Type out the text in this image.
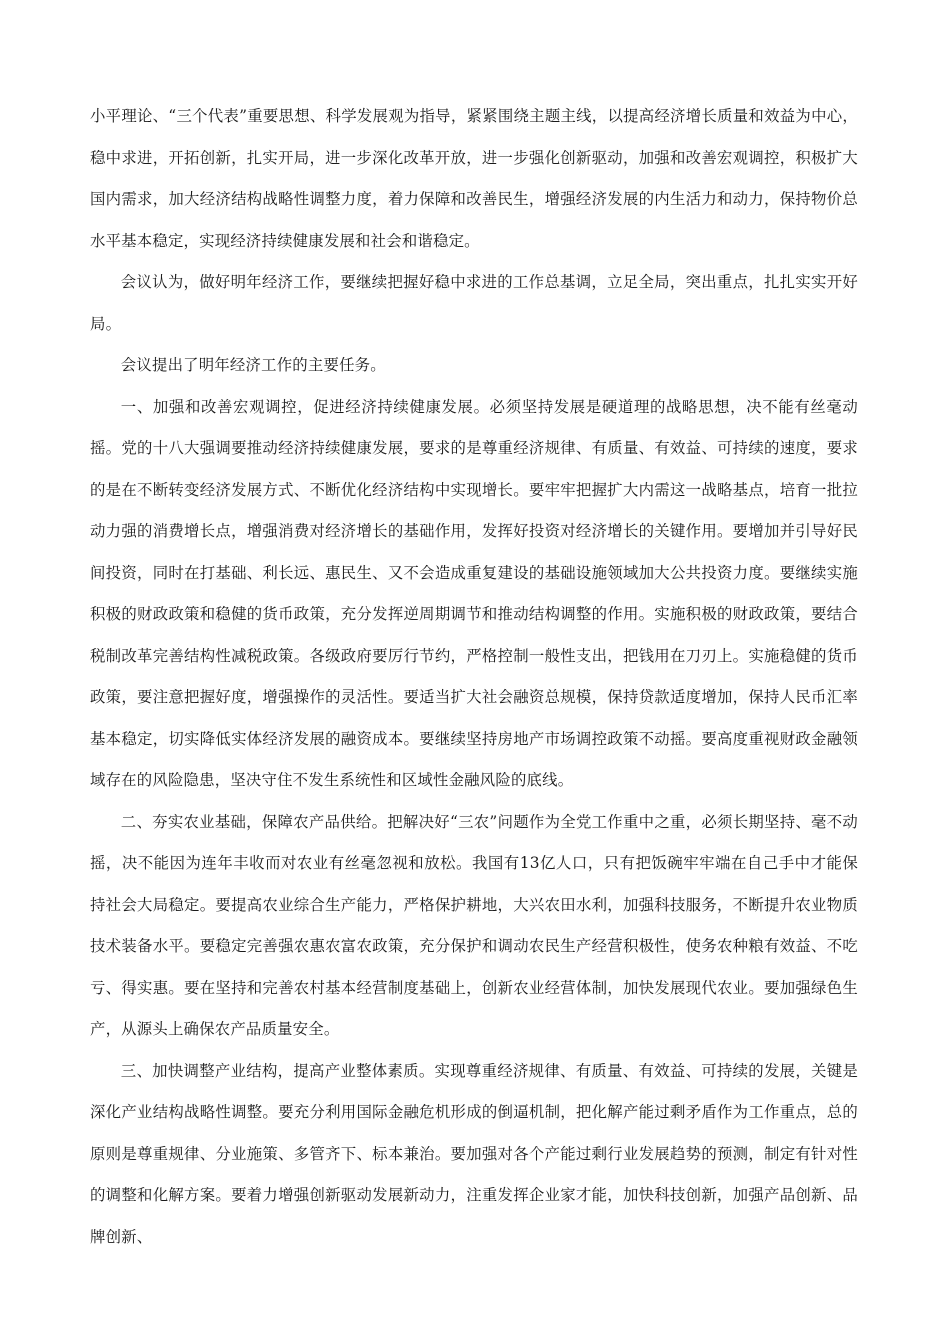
小平理论、“三个代表”重要思想、科学发展观为指导，紧紧围绕主题主线，以提高经济增长质量和效益为中心，稳中求进，开拓创新，扎实开局，进一步深化改革开放，进一步强化创新驱动，加强和改善宏观调控，积极扩大国内需求，加大经济结构战略性调整力度，着力保障和改善民生，增强经济发展的内生活力和动力，保持物价总水平基本稳定，实现经济持续健康发展和社会和谐稳定。

会议认为，做好明年经济工作，要继续把握好稳中求进的工作总基调，立足全局，突出重点，扎扎实实开好局。

会议提出了明年经济工作的主要任务。

一、加强和改善宏观调控，促进经济持续健康发展。必须坚持发展是硬道理的战略思想，决不能有丝毫动摇。党的十八大强调要推动经济持续健康发展，要求的是尊重经济规律、有质量、有效益、可持续的速度，要求的是在不断转变经济发展方式、不断优化经济结构中实现增长。要牢牢把握扩大内需这一战略基点，培育一批拉动力强的消费增长点，增强消费对经济增长的基础作用，发挥好投资对经济增长的关键作用。要增加并引导好民间投资，同时在打基础、利长远、惠民生、又不会造成重复建设的基础设施领域加大公共投资力度。要继续实施积极的财政政策和稳健的货币政策，充分发挥逆周期调节和推动结构调整的作用。实施积极的财政政策，要结合税制改革完善结构性减税政策。各级政府要厉行节约，严格控制一般性支出，把钱用在刀刃上。实施稳健的货币政策，要注意把握好度，增强操作的灵活性。要适当扩大社会融资总规模，保持贷款适度增加，保持人民币汇率基本稳定，切实降低实体经济发展的融资成本。要继续坚持房地产市场调控政策不动摇。要高度重视财政金融领域存在的风险隐患，坚决守住不发生系统性和区域性金融风险的底线。

二、夯实农业基础，保障农产品供给。把解决好“三农”问题作为全党工作重中之重，必须长期坚持、毫不动摇，决不能因为连年丰收而对农业有丝毫忽视和放松。我国有13亿人口，只有把饭碗牢牢端在自己手中才能保持社会大局稳定。要提高农业综合生产能力，严格保护耕地，大兴农田水利，加强科技服务，不断提升农业物质技术装备水平。要稳定完善强农惠农富农政策，充分保护和调动农民生产经营积极性，使务农种粮有效益、不吃亏、得实惠。要在坚持和完善农村基本经营制度基础上，创新农业经营体制，加快发展现代农业。要加强绿色生产，从源头上确保农产品质量安全。

三、加快调整产业结构，提高产业整体素质。实现尊重经济规律、有质量、有效益、可持续的发展，关键是深化产业结构战略性调整。要充分利用国际金融危机形成的倒逼机制，把化解产能过剩矛盾作为工作重点，总的原则是尊重规律、分业施策、多管齐下、标本兼治。要加强对各个产能过剩行业发展趋势的预测，制定有针对性的调整和化解方案。要着力增强创新驱动发展新动力，注重发挥企业家才能，加快科技创新，加强产品创新、品牌创新、
